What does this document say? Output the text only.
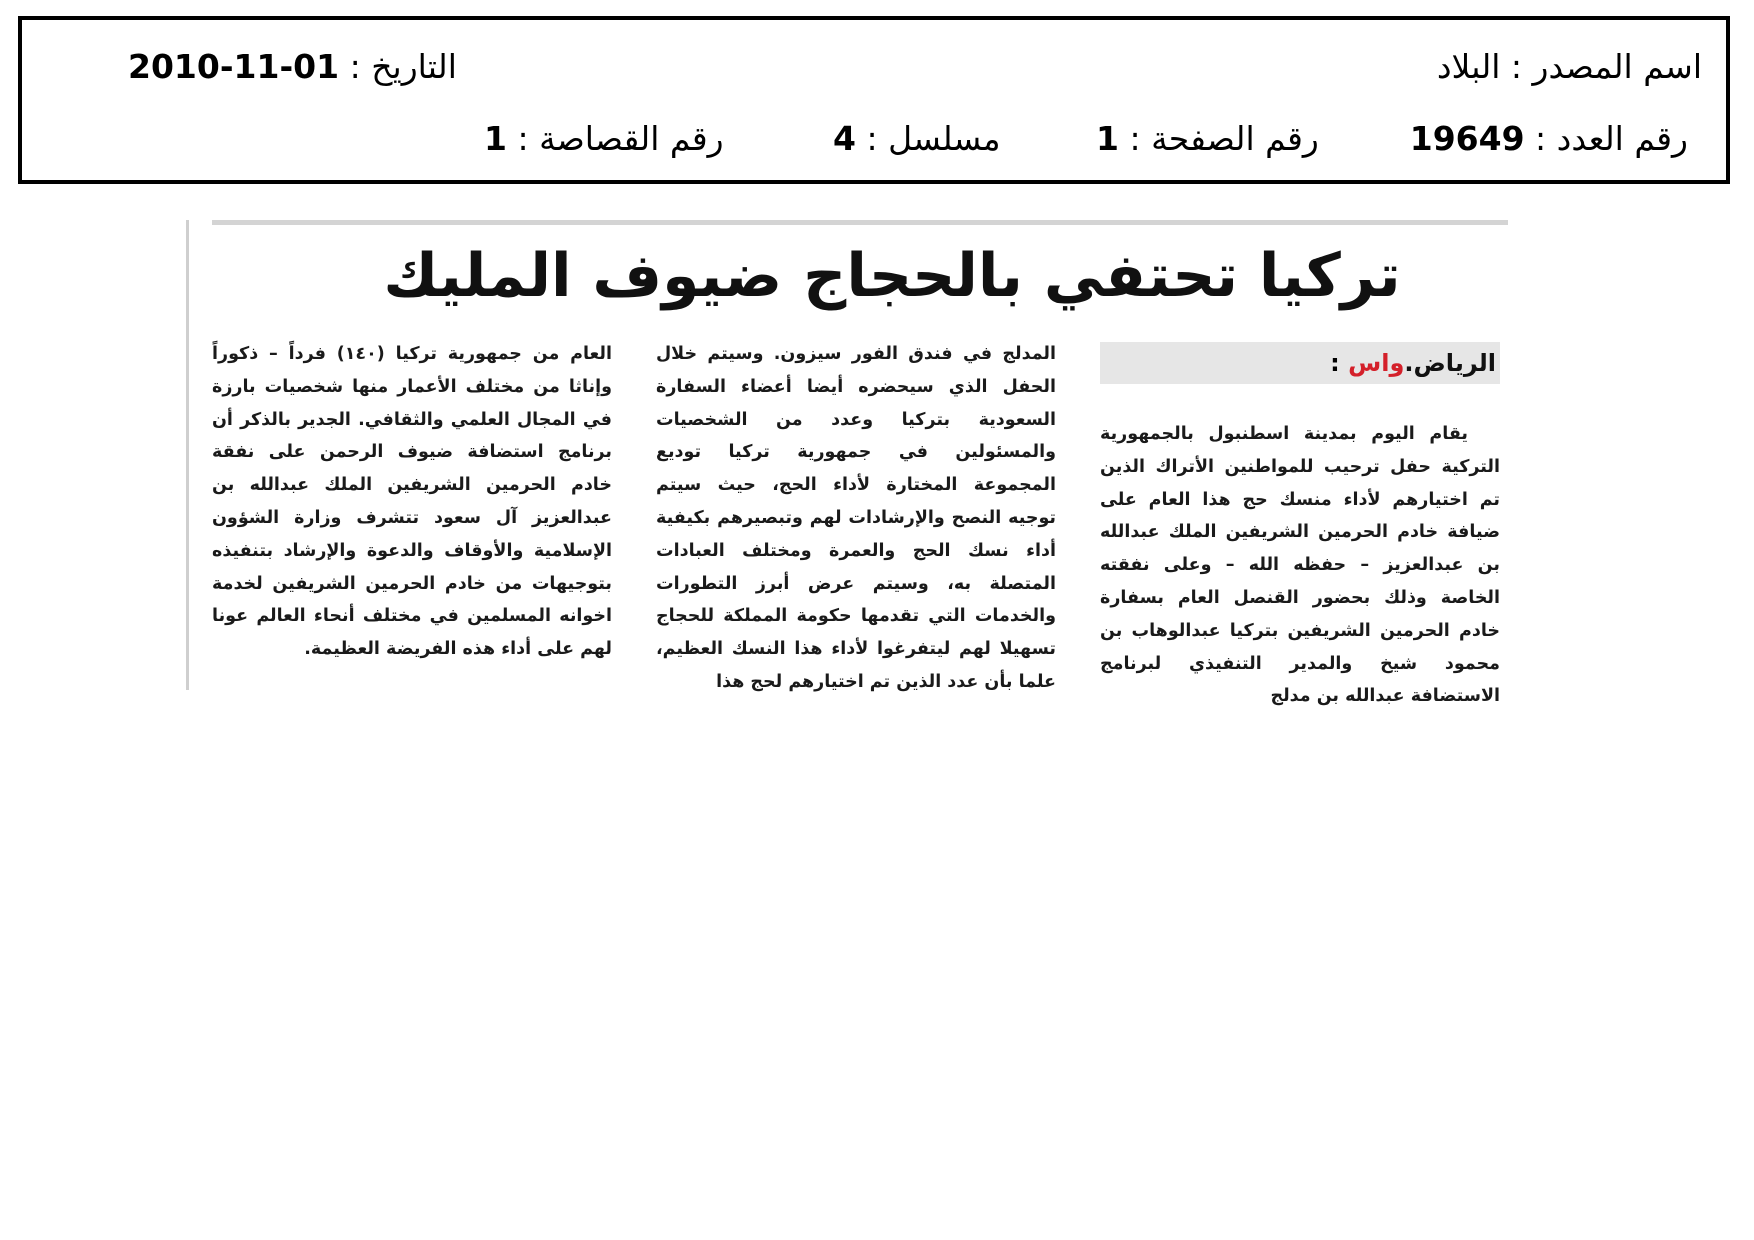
اسم المصدر : البلاد
التاريخ : 2010-11-01
رقم العدد : 19649
رقم الصفحة : 1
مسلسل : 4
رقم القصاصة : 1
تركيا تحتفي بالحجاج ضيوف المليك
الرياض.واس :
يقام اليوم بمدينة اسطنبول بالجمهورية التركية حفل ترحيب للمواطنين الأتراك الذين تم اختيارهم لأداء منسك حج هذا العام على ضيافة خادم الحرمين الشريفين الملك عبدالله بن عبدالعزيز – حفظه الله – وعلى نفقته الخاصة وذلك بحضور القنصل العام بسفارة خادم الحرمين الشريفين بتركيا عبدالوهاب بن محمود شيخ والمدير التنفيذي لبرنامج الاستضافة عبدالله بن مدلج
المدلج في فندق الفور سيزون. وسيتم خلال الحفل الذي سيحضره أيضا أعضاء السفارة السعودية بتركيا وعدد من الشخصيات والمسئولين في جمهورية تركيا توديع المجموعة المختارة لأداء الحج، حيث سيتم توجيه النصح والإرشادات لهم وتبصيرهم بكيفية أداء نسك الحج والعمرة ومختلف العبادات المتصلة به، وسيتم عرض أبرز التطورات والخدمات التي تقدمها حكومة المملكة للحجاج تسهيلا لهم ليتفرغوا لأداء هذا النسك العظيم، علما بأن عدد الذين تم اختيارهم لحج هذا
العام من جمهورية تركيا (١٤٠) فرداً – ذكوراً وإناثا من مختلف الأعمار منها شخصيات بارزة في المجال العلمي والثقافي. الجدير بالذكر أن برنامج استضافة ضيوف الرحمن على نفقة خادم الحرمين الشريفين الملك عبدالله بن عبدالعزيز آل سعود تتشرف وزارة الشؤون الإسلامية والأوقاف والدعوة والإرشاد بتنفيذه بتوجيهات من خادم الحرمين الشريفين لخدمة اخوانه المسلمين في مختلف أنحاء العالم عونا لهم على أداء هذه الفريضة العظيمة.
